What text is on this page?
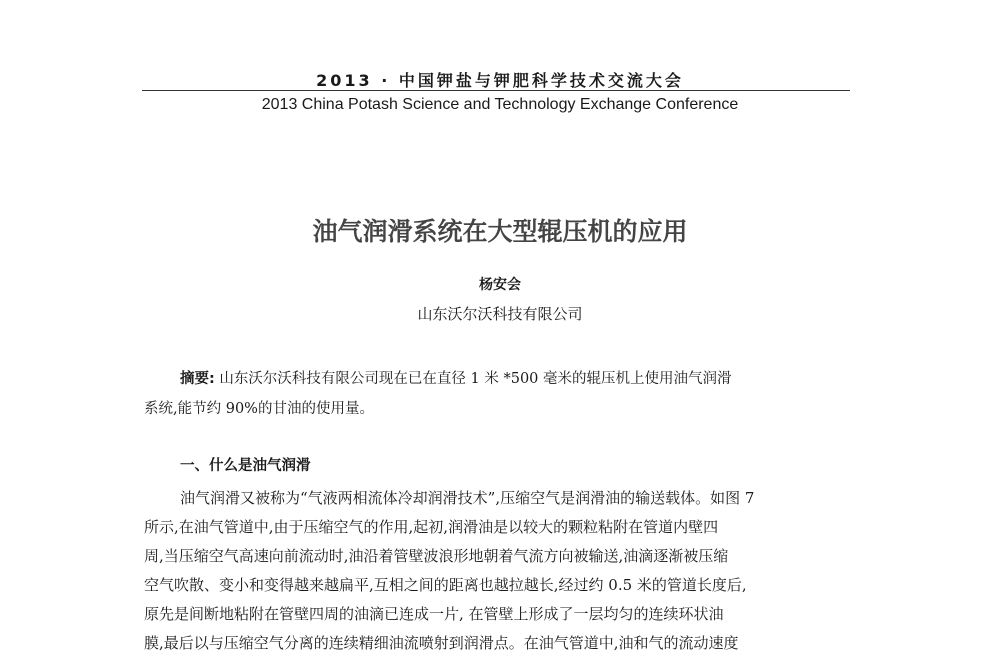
2013 · 中国钾盐与钾肥科学技术交流大会
2013 China Potash Science and Technology Exchange Conference
油气润滑系统在大型辊压机的应用
杨安会
山东沃尔沃科技有限公司
摘要: 山东沃尔沃科技有限公司现在已在直径 1 米 *500 毫米的辊压机上使用油气润滑
系统,能节约 90%的甘油的使用量。
一、什么是油气润滑
油气润滑又被称为“气液两相流体冷却润滑技术”,压缩空气是润滑油的输送载体。如图 7
所示,在油气管道中,由于压缩空气的作用,起初,润滑油是以较大的颗粒粘附在管道内壁四
周,当压缩空气高速向前流动时,油沿着管壁波浪形地朝着气流方向被输送,油滴逐渐被压缩
空气吹散、变小和变得越来越扁平,互相之间的距离也越拉越长,经过约 0.5 米的管道长度后,
原先是间断地粘附在管壁四周的油滴已连成一片, 在管壁上形成了一层均匀的连续环状油
膜,最后以与压缩空气分离的连续精细油流喷射到润滑点。在油气管道中,油和气的流动速度
